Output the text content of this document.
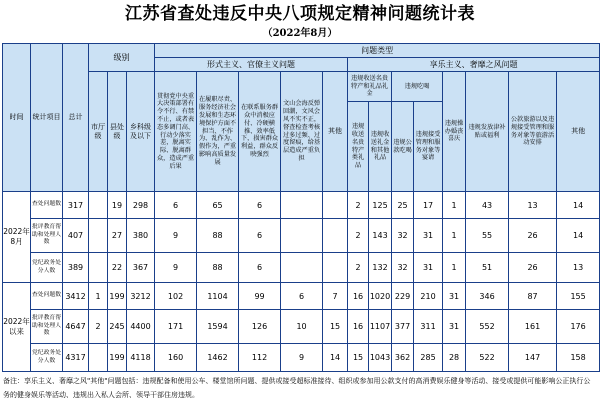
江苏省查处违反中央八项规定精神问题统计表
（2022年8月）
时间	统计项目	总计	级别			问题类型												
						形式主义、官僚主义问题					享乐主义、奢靡之风问题							
			市厅级	县处级	乡科级及以下	贯彻党中央重大决策部署有令不行、有禁不止，或者表态多调门高、行动少落实差，脱离实际、脱离群众，造成严重后果	在履职尽责、服务经济社会发展和生态环境保护方面不担当、不作为、乱作为、假作为，严重影响高质量发展	在联系服务群众中消极应付、冷硬横推、效率低下，损害群众利益，群众反映强烈	文山会海反弹回潮，文风会风不实不正，督查检查考核过多过频、过度留痕，给基层造成严重负担	其他	违规收送名贵特产和礼品礼金		违规吃喝		违规操办婚丧喜庆	违规发放津补贴或福利	公款旅游以及违规接受管理和服务对象等旅游活动安排	其他
											违规收送名贵特产类礼品	违规收送礼金和其他礼品	违规公款吃喝	违规接受管理和服务对象等宴请				
2022年8月	查处问题数	317		19	298	6	65	6			2	125	25	17	1	43	13	14
	批评教育帮助和处理人数	407		27	380	9	88	6			2	143	32	31	1	55	26	14
	党纪政务处分人数	389		22	367	9	88	6			2	132	32	31	1	51	26	13
2022年以来	查处问题数	3412	1	199	3212	102	1104	99	6	7	16	1020	229	210	31	346	87	155
	批评教育帮助和处理人数	4647	2	245	4400	171	1594	126	10	15	16	1107	377	311	31	552	161	176
	党纪政务处分人数	4317		199	4118	160	1462	112	9	14	15	1043	362	285	28	522	147	158
备注：享乐主义、奢靡之风"其他"问题包括：违规配备和使用公车、楼堂馆所问题、提供或接受超标准接待、组织或参加用公款支付的高消费娱乐健身等活动、接受或提供可能影响公正执行公务的健身娱乐等活动、违规出入私人会所、领导干部住房违规。
